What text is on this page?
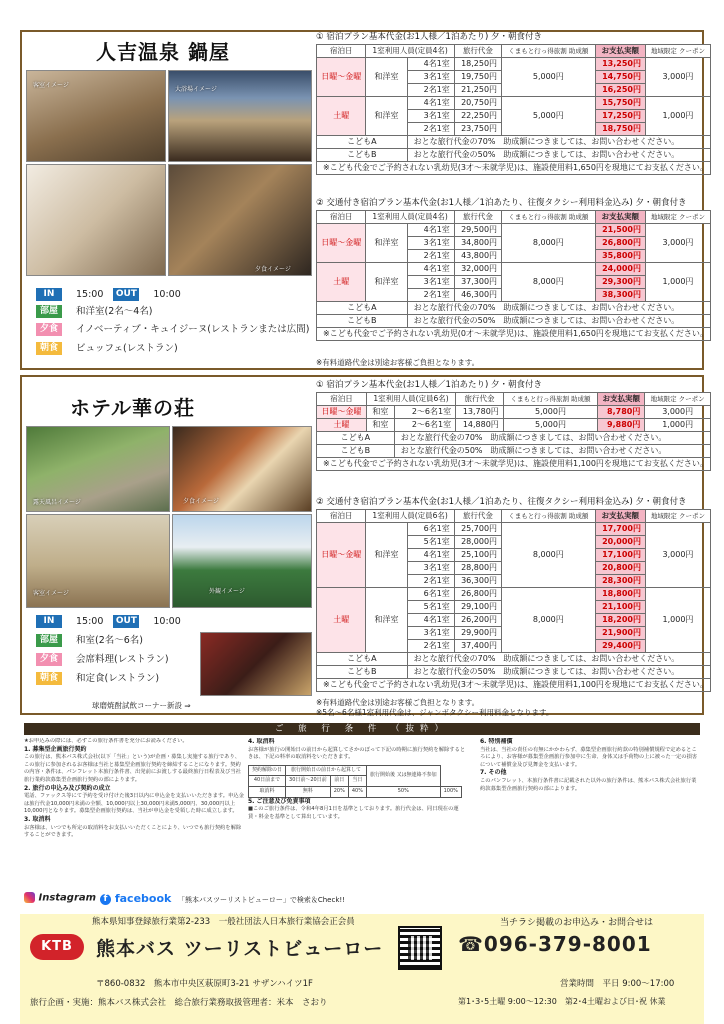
人吉温泉 鍋屋
客室イメージ
大浴場イメージ
夕食イメージ
IN 15:00 OUT 10:00
部屋 和洋室(2名～4名)
夕食 イノベーティブ・キュイジーヌ(レストランまたは広間)
朝食 ビュッフェ(レストラン)
① 宿泊プラン基本代金(お1人様／1泊あたり) 夕・朝食付き
宿泊日	1室利用人員(定員4名)		旅行代金	くまもと行っ得旅割 助成額	お支払実額	地域限定 クーポン
日曜～金曜	和洋室	4名1室	18,250円	5,000円	13,250円	3,000円
		3名1室	19,750円		14,750円	
		2名1室	21,250円		16,250円	
土曜	和洋室	4名1室	20,750円	5,000円	15,750円	1,000円
		3名1室	22,250円		17,250円	
		2名1室	23,750円		18,750円	
こどもA		おとな旅行代金の70%　助成額につきましては、お問い合わせください。				
こどもB		おとな旅行代金の50%　助成額につきましては、お問い合わせください。				
※こども代金でご予約されない乳幼児(3才～未就学児)は、施設使用料1,650円を現地にてお支払ください。						
② 交通付き宿泊プラン基本代金(お1人様／1泊あたり、往復タクシー利用料金込み) 夕・朝食付き
宿泊日	1室利用人員(定員4名)		旅行代金	くまもと行っ得旅割 助成額	お支払実額	地域限定 クーポン
日曜～金曜	和洋室	4名1室	29,500円	8,000円	21,500円	3,000円
		3名1室	34,800円		26,800円	
		2名1室	43,800円		35,800円	
土曜	和洋室	4名1室	32,000円	8,000円	24,000円	1,000円
		3名1室	37,300円		29,300円	
		2名1室	46,300円		38,300円	
こどもA		おとな旅行代金の70%　助成額につきましては、お問い合わせください。				
こどもB		おとな旅行代金の50%　助成額につきましては、お問い合わせください。				
※こども代金でご予約されない乳幼児(0才～未就学児)は、施設使用料1,650円を現地にてお支払ください。						
※有料道路代金は別途お客様ご負担となります。
ホテル華の荘
露天風呂イメージ	夕食イメージ
客室イメージ	外観イメージ
IN 15:00 OUT 10:00
部屋 和室(2名～6名)
夕食 会席料理(レストラン)
朝食 和定食(レストラン)
球磨焼酎試飲コーナー新設 ⇒
① 宿泊プラン基本代金(お1人様／1泊あたり) 夕・朝食付き
宿泊日	1室利用人員(定員6名)		旅行代金	くまもと行っ得旅割 助成額	お支払実額	地域限定 クーポン
日曜～金曜	和室	2～6名1室	13,780円	5,000円	8,780円	3,000円
土曜	和室	2～6名1室	14,880円	5,000円	9,880円	1,000円
こどもA		おとな旅行代金の70%　助成額につきましては、お問い合わせください。				
こどもB		おとな旅行代金の50%　助成額につきましては、お問い合わせください。				
※こども代金でご予約されない乳幼児(3才～未就学児)は、施設使用料1,100円を現地にてお支払ください。						
② 交通付き宿泊プラン基本代金(お1人様／1泊あたり、往復タクシー利用料金込み) 夕・朝食付き
宿泊日	1室利用人員(定員6名)		旅行代金	くまもと行っ得旅割 助成額	お支払実額	地域限定 クーポン
日曜～金曜	和洋室	6名1室	25,700円	8,000円	17,700円	3,000円
		5名1室	28,000円		20,000円	
		4名1室	25,100円		17,100円	
		3名1室	28,800円		20,800円	
		2名1室	36,300円		28,300円	
土曜	和洋室	6名1室	26,800円	8,000円	18,800円	1,000円
		5名1室	29,100円		21,100円	
		4名1室	26,200円		18,200円	
		3名1室	29,900円		21,900円	
		2名1室	37,400円		29,400円	
こどもA		おとな旅行代金の70%　助成額につきましては、お問い合わせください。				
こどもB		おとな旅行代金の50%　助成額につきましては、お問い合わせください。				
※こども代金でご予約されない乳幼児(3才～未就学児)は、施設使用料1,100円を現地にてお支払ください。						
※有料道路代金は別途お客様ご負担となります。
※5名～6名様1室利用代金は、ジャンボタクシー利用料金となります。
ご 旅 行 条 件 （抜粋）
★お申込みの際には、必ずこの旅行条件書を充分にお読みください。
1. 募集型企画旅行契約
この旅行は、熊本バス株式会社(以下「当社」という)が企画・募集し実施する旅行であり、この旅行に参加されるお客様は当社と募集型企画旅行契約を締結することになります。契約の内容・条件は、パンフレット本旅行条件書、出発前にお渡しする最終旅行日程表及び当社旅行業約款募集型企画旅行契約の部によります。
2. 旅行の申込み及び契約の成立
電話、ファックス等にて予約を受け付けた後3日以内に申込金を支払いいただきます。申込金は旅行代金10,000円未満の全額、10,000円以上30,000円未満5,000円、30,000円以上10,000円となります。募集型企画旅行契約は、当社が申込金を受領した時に成立します。
3. 取消料
お客様は、いつでも所定の取消料をお支払いいただくことにより、いつでも旅行契約を解除することができます。
4. 取消料
お客様が旅行の開始日の前日から起算してさかのぼって下記の時期に旅行契約を解除するときは、下記の料率の取消料をいただきます。
契約解除の日	旅行開始日の前日から起算して			旅行開始後 又は無連絡不参加	
40日前まで	30日前～20日前	前日	当日		
取消料	無料	20%	40%	50%	100%
5. ご注意及び免責事項
■このご旅行条件は、令和4年8月1日を基準としております。旅行代金は、同日現在の運賃・料金を基準として算出しています。
6. 特別補償
当社は、当社の責任の有無にかかわらず、募集型企画旅行約款の特別補償規程で定めるところにより、お客様が募集型企画旅行参加中に生命、身体又は手荷物の上に被った一定の損害について補償金及び見舞金を支払います。
7. その他
このパンフレット、本旅行条件書に記載された以外の旅行条件は、熊本バス株式会社旅行業約款募集型企画旅行契約の部によります。
Instagram f facebook 「熊本バスツーリストビューロー」で検索＆Check!!
熊本県知事登録旅行業第2-233　一般社団法人日本旅行業協会正会員
KTB	熊本バス ツーリストビューロー
〒860-0832　熊本市中央区萩原町3-21 サザンハイツ1F
旅行企画・実施：熊本バス株式会社　総合旅行業務取扱管理者：米本　さおり
当チラシ掲載のお申込み・お問合せは
☎096-379-8001
営業時間　平日 9:00～17:00
第1･3･5土曜 9:00～12:30　第2･4土曜および日･祝 休業
